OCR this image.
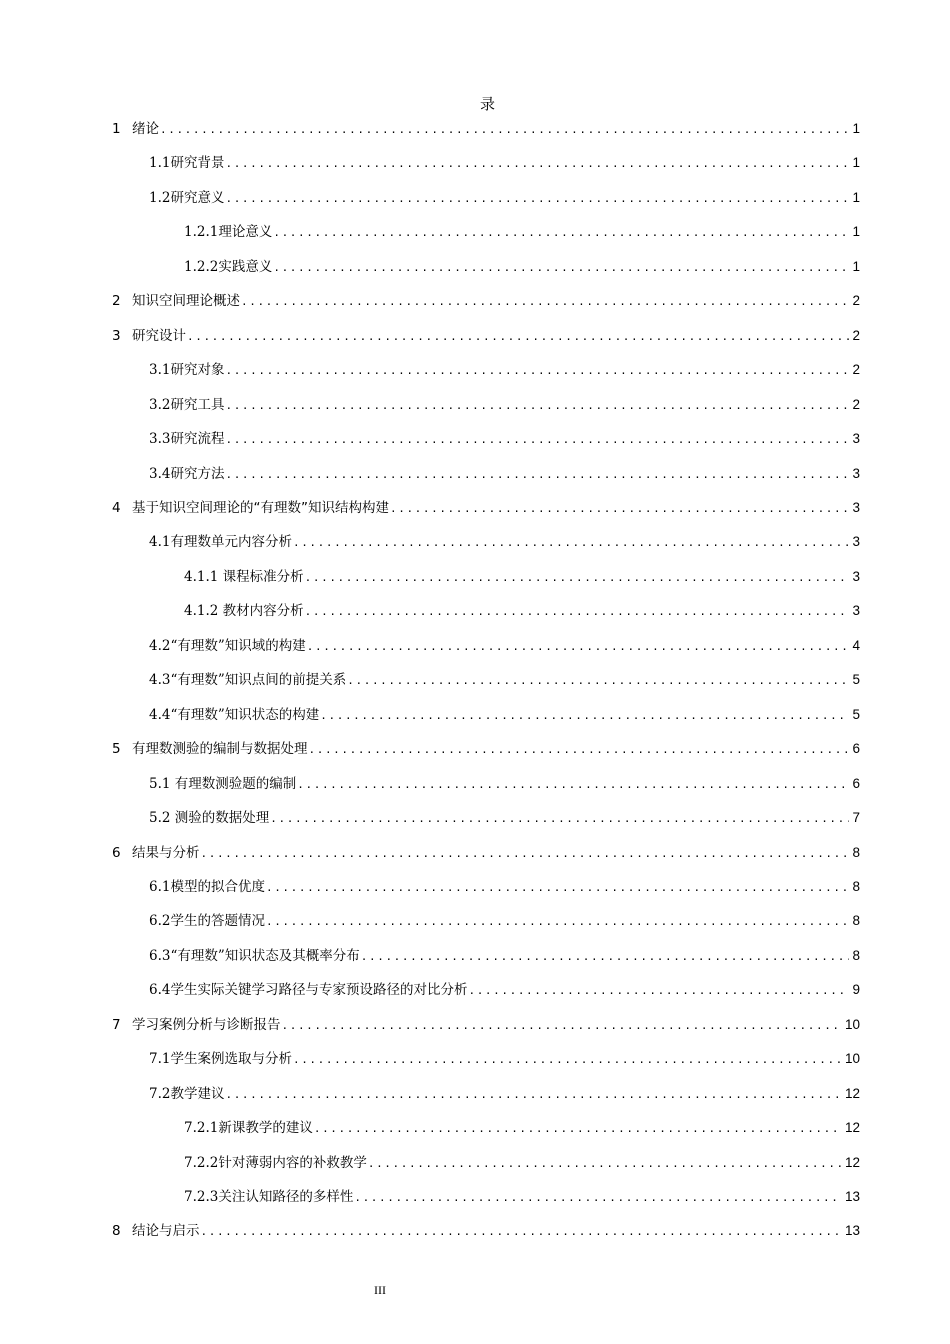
录
1 绪论 .....	1
1.1 研究背景 .....	1
1.2 研究意义 .....	1
1.2.1 理论意义 .....	1
1.2.2 实践意义 .....	1
2 知识空间理论概述 .....	2
3 研究设计 .....	2
3.1 研究对象 .....	2
3.2 研究工具 .....	2
3.3 研究流程 .....	3
3.4 研究方法 .....	3
4 基于知识空间理论的“有理数”知识结构构建 .....	3
4.1 有理数单元内容分析 .....	3
4.1.1 课程标准分析 .....	3
4.1.2 教材内容分析 .....	3
4.2 “有理数”知识域的构建 .....	4
4.3 “有理数”知识点间的前提关系 .....	5
4.4 “有理数”知识状态的构建 .....	5
5 有理数测验的编制与数据处理 .....	6
5.1 有理数测验题的编制 .....	6
5.2 测验的数据处理 .....	7
6 结果与分析 .....	8
6.1 模型的拟合优度 .....	8
6.2 学生的答题情况 .....	8
6.3 “有理数”知识状态及其概率分布 .....	8
6.4 学生实际关键学习路径与专家预设路径的对比分析 .....	9
7 学习案例分析与诊断报告 .....	10
7.1 学生案例选取与分析 .....	10
7.2 教学建议 .....	12
7.2.1 新课教学的建议 .....	12
7.2.2 针对薄弱内容的补救教学 .....	12
7.2.3 关注认知路径的多样性 .....	13
8 结论与启示 .....	13
III
